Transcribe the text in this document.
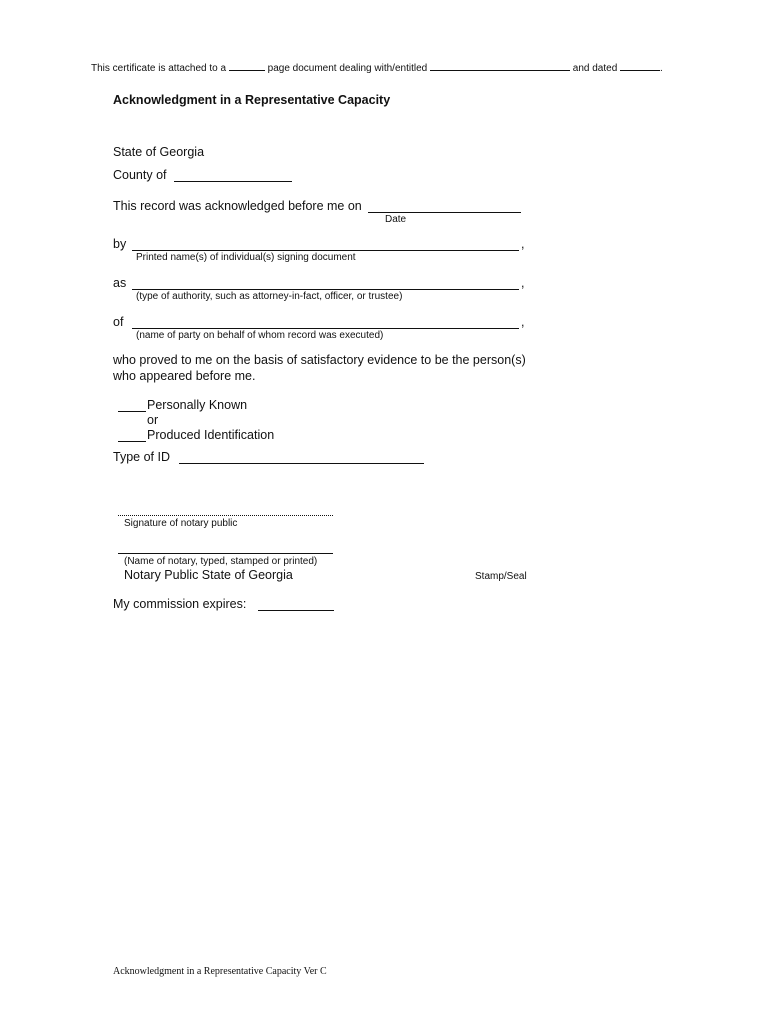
This certificate is attached to a	page document dealing with/entitled	and dated	.
Acknowledgment in a Representative Capacity
State of Georgia
County of
This record was acknowledged before me on
Date
by	,
Printed name(s) of individual(s) signing document
as	,
(type of authority, such as attorney-in-fact, officer, or trustee)
of	,
(name of party on behalf of whom record was executed)
who proved to me on the basis of satisfactory evidence to be the person(s)
who appeared before me.
Personally Known
or
Produced Identification
Type of ID
Signature of notary public
(Name of notary, typed, stamped or printed)
Notary Public State of Georgia	Stamp/Seal
My commission expires:
Acknowledgment in a Representative Capacity Ver C
